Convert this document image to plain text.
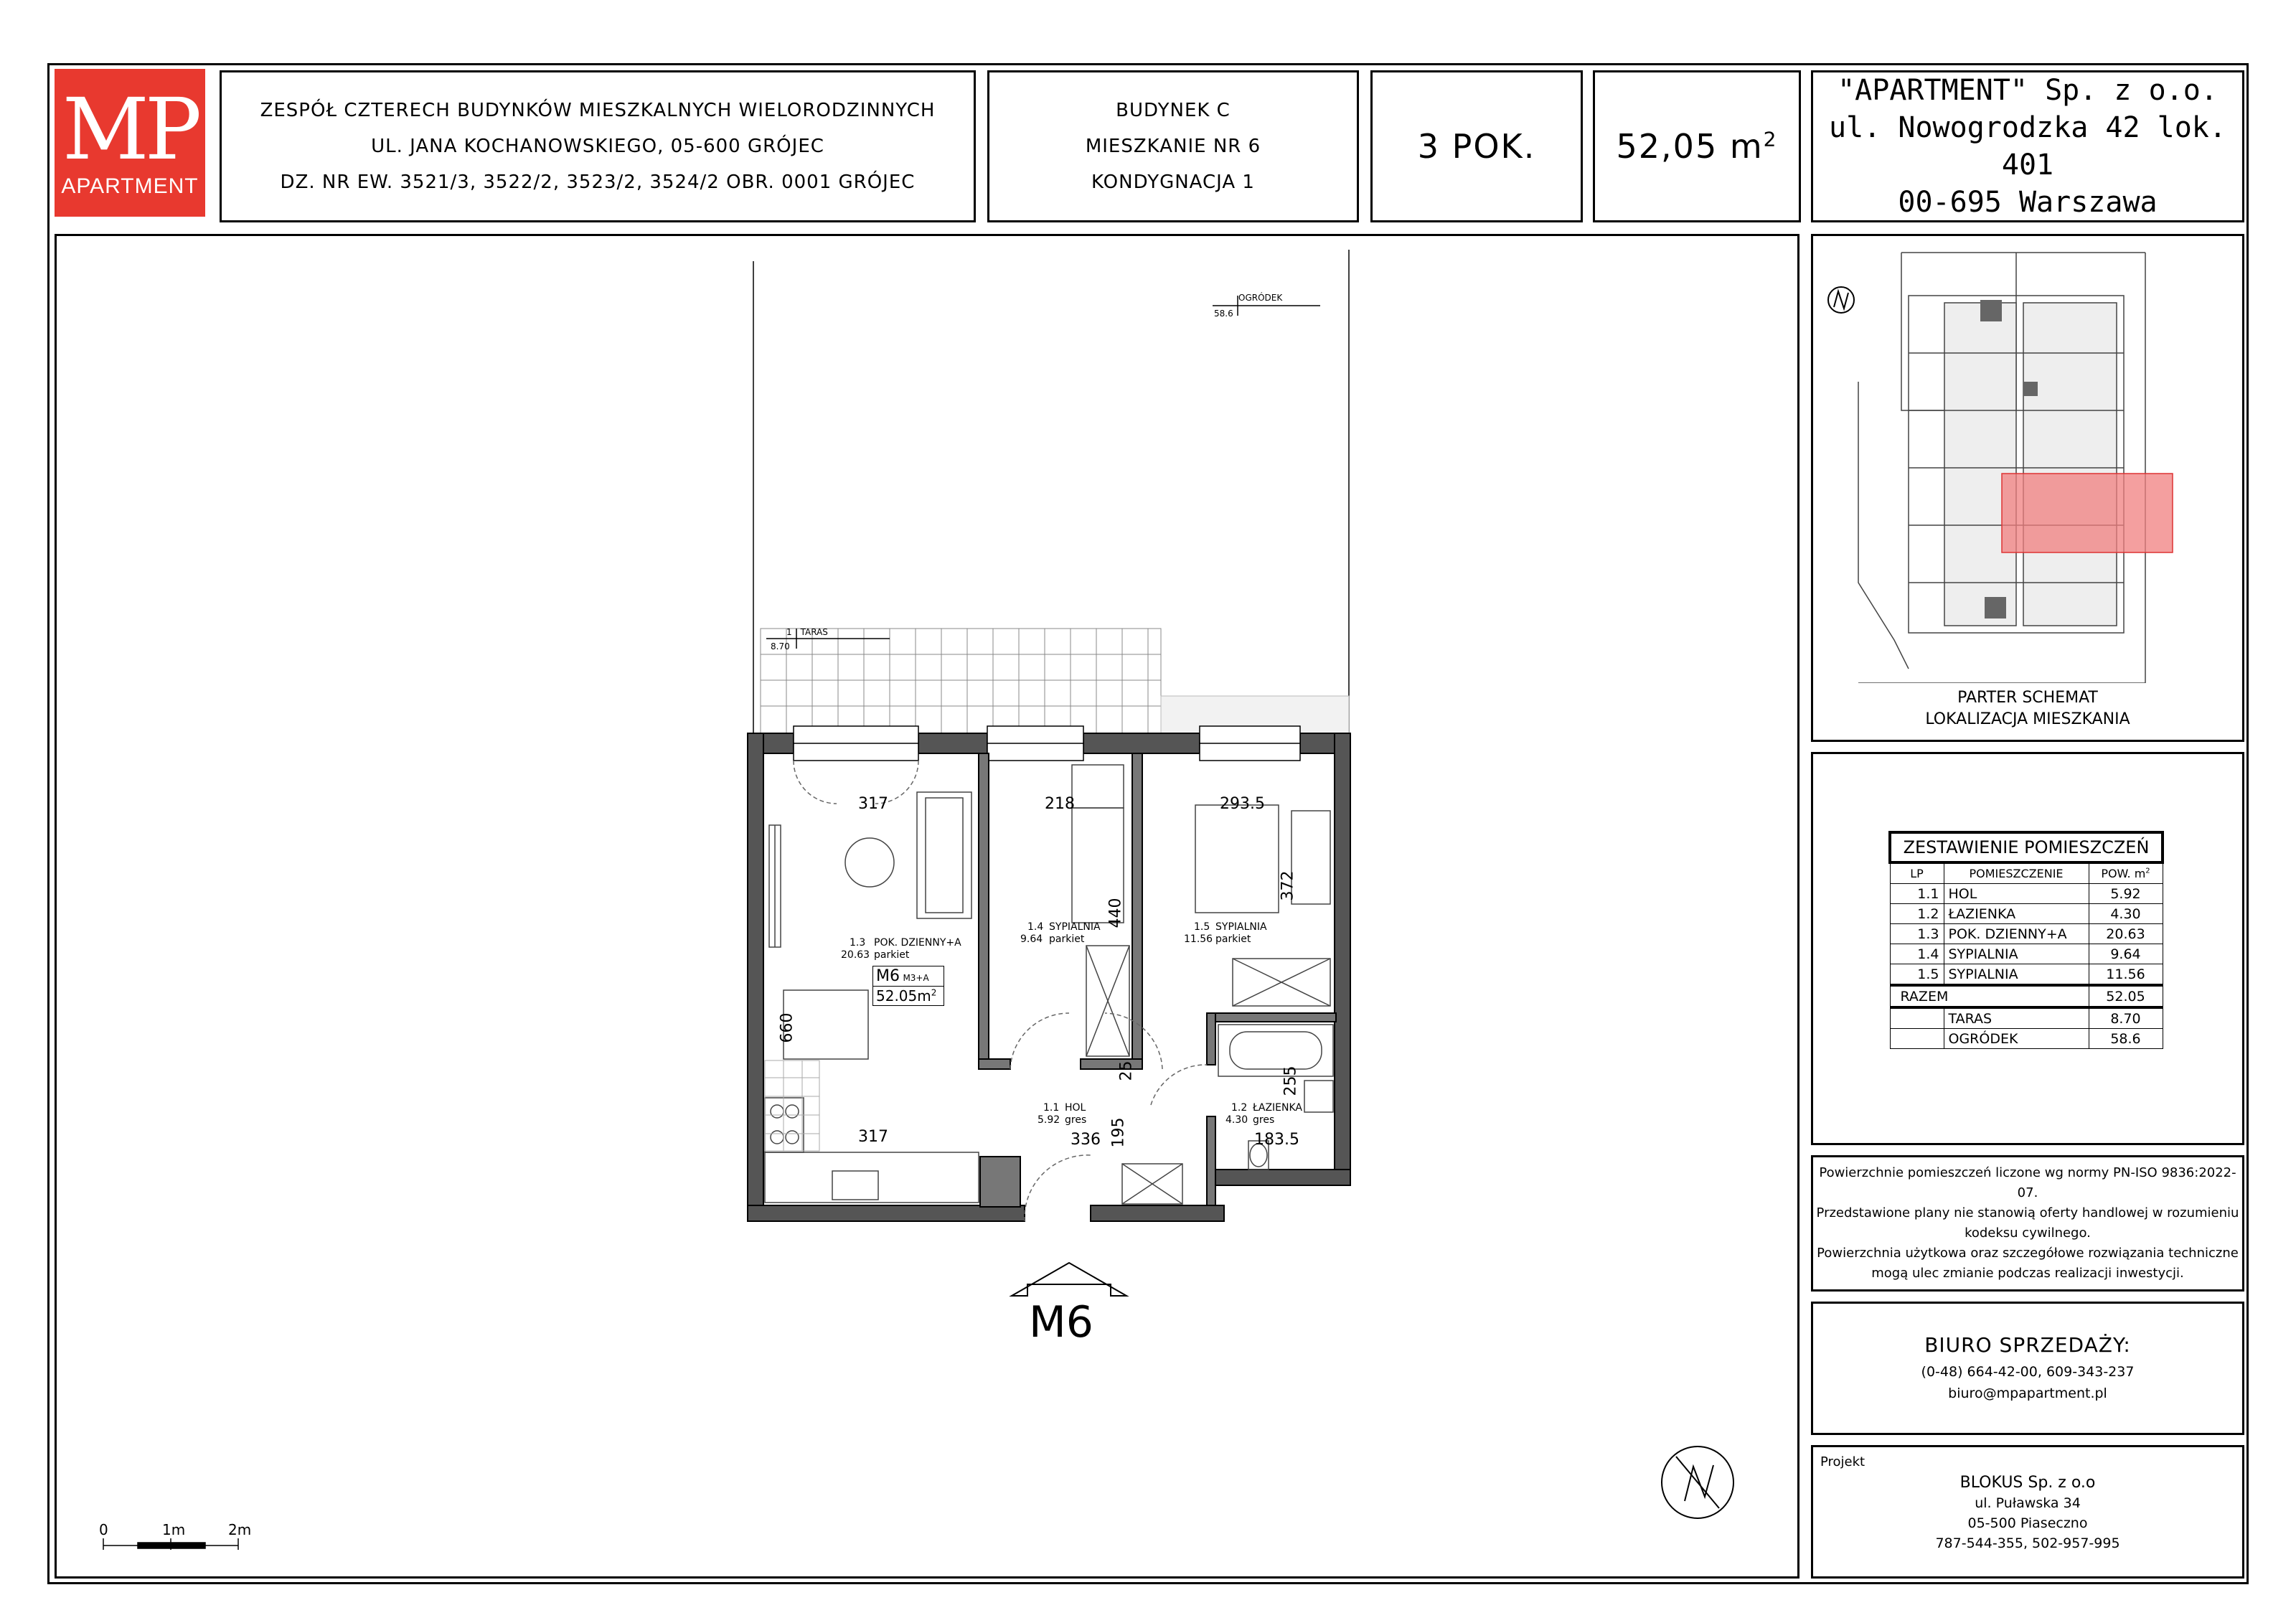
MP
APARTMENT
ZESPÓŁ CZTERECH BUDYNKÓW MIESZKALNYCH WIELORODZINNYCH
UL. JANA KOCHANOWSKIEGO, 05-600 GRÓJEC
DZ. NR EW. 3521/3, 3522/2, 3523/2, 3524/2 OBR. 0001 GRÓJEC
BUDYNEK C
MIESZKANIE NR 6
KONDYGNACJA 1
3 POK. 52,05 $m^2$
"APARTMENT" Sp. z o.o.
ul. Nowogrodzka 42 lok. 401
00-695 Warszawa
OGRÓDEK
58.6
1 TARAS
8.70
1.3 POK. DZIENNY+A
20.63 parkiet
1.4 SYPIALNIA
9.64 parkiet
1.5 SYPIALNIA
11.56 parkiet
1.1 HOL
5.92 gres
1.2 ŁAZIENKA
4.30 gres
317	218	293.5
440
372
660
317	336 195
25	255
183.5
M6 M3+A
$52.05m^2$
M6
0	1m	2m
PARTER SCHEMAT
LOKALIZACJA MIESZKANIA
ZESTAWIENIE POMIESZCZEŃ		
LP	POMIESZCZENIE	POW. $m^2$
1.1	HOL	5.92
1.2	ŁAZIENKA	4.30
1.3	POK. DZIENNY+A	20.63
1.4	SYPIALNIA	9.64
1.5	SYPIALNIA	11.56
RAZEM		52.05
	TARAS	8.70
	OGRÓDEK	58.6
Powierzchnie pomieszczeń liczone wg normy PN-ISO 9836:2022-07.
Przedstawione plany nie stanowią oferty handlowej w rozumieniu
kodeksu cywilnego.
Powierzchnia użytkowa oraz szczegółowe rozwiązania techniczne
mogą ulec zmianie podczas realizacji inwestycji.
BIURO SPRZEDAŻY:
(0-48) 664-42-00, 609-343-237
biuro@mpapartment.pl
Projekt
BLOKUS Sp. z o.o
ul. Puławska 34
05-500 Piaseczno
787-544-355, 502-957-995
